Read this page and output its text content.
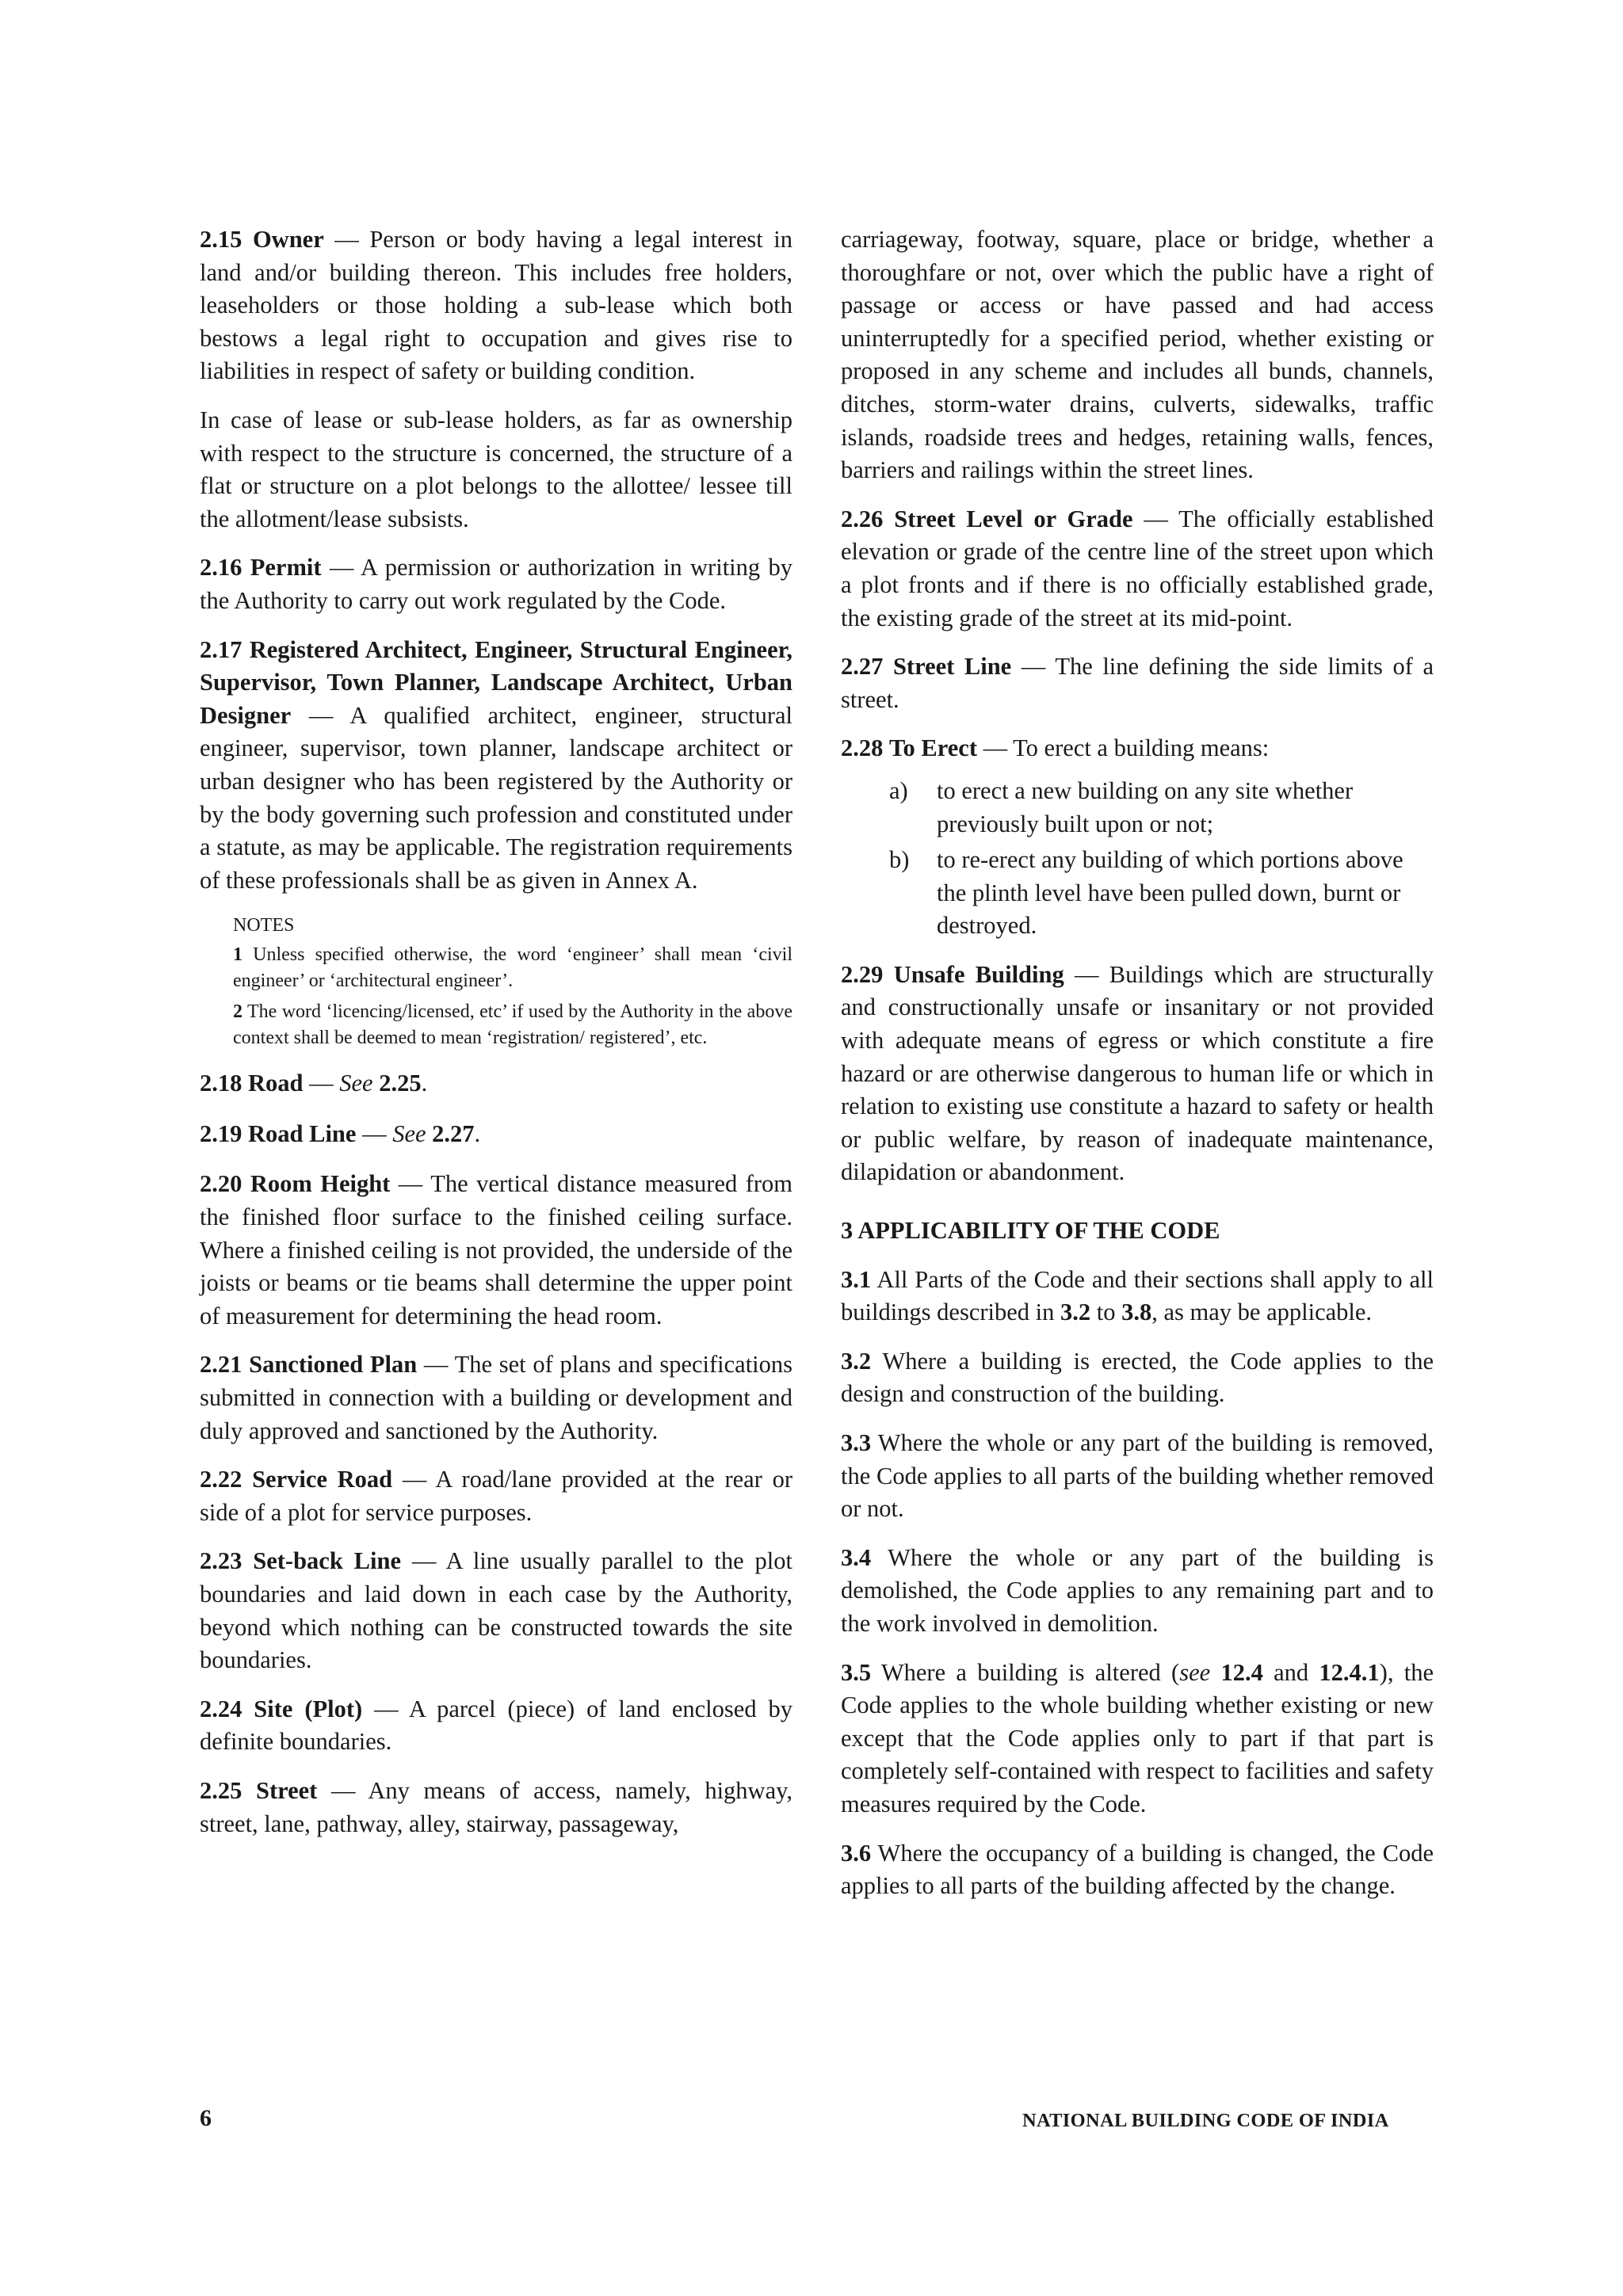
2.15 Owner — Person or body having a legal interest in land and/or building thereon. This includes free holders, leaseholders or those holding a sub-lease which both bestows a legal right to occupation and gives rise to liabilities in respect of safety or building condition.

In case of lease or sub-lease holders, as far as ownership with respect to the structure is concerned, the structure of a flat or structure on a plot belongs to the allottee/ lessee till the allotment/lease subsists.

2.16 Permit — A permission or authorization in writing by the Authority to carry out work regulated by the Code.

2.17 Registered Architect, Engineer, Structural Engineer, Supervisor, Town Planner, Landscape Architect, Urban Designer — A qualified architect, engineer, structural engineer, supervisor, town planner, landscape architect or urban designer who has been registered by the Authority or by the body governing such profession and constituted under a statute, as may be applicable. The registration requirements of these professionals shall be as given in Annex A.

NOTES
1 Unless specified otherwise, the word ‘engineer’ shall mean ‘civil engineer’ or ‘architectural engineer’.
2 The word ‘licencing/licensed, etc’ if used by the Authority in the above context shall be deemed to mean ‘registration/ registered’, etc.

2.18 Road — See 2.25.

2.19 Road Line — See 2.27.

2.20 Room Height — The vertical distance measured from the finished floor surface to the finished ceiling surface. Where a finished ceiling is not provided, the underside of the joists or beams or tie beams shall determine the upper point of measurement for determining the head room.

2.21 Sanctioned Plan — The set of plans and specifications submitted in connection with a building or development and duly approved and sanctioned by the Authority.

2.22 Service Road — A road/lane provided at the rear or side of a plot for service purposes.

2.23 Set-back Line — A line usually parallel to the plot boundaries and laid down in each case by the Authority, beyond which nothing can be constructed towards the site boundaries.

2.24 Site (Plot) — A parcel (piece) of land enclosed by definite boundaries.

2.25 Street — Any means of access, namely, highway, street, lane, pathway, alley, stairway, passageway,

carriageway, footway, square, place or bridge, whether a thoroughfare or not, over which the public have a right of passage or access or have passed and had access uninterruptedly for a specified period, whether existing or proposed in any scheme and includes all bunds, channels, ditches, storm-water drains, culverts, sidewalks, traffic islands, roadside trees and hedges, retaining walls, fences, barriers and railings within the street lines.

2.26 Street Level or Grade — The officially established elevation or grade of the centre line of the street upon which a plot fronts and if there is no officially established grade, the existing grade of the street at its mid-point.

2.27 Street Line — The line defining the side limits of a street.

2.28 To Erect — To erect a building means:

a)	to erect a new building on any site whether previously built upon or not;
b)	to re-erect any building of which portions above the plinth level have been pulled down, burnt or destroyed.

2.29 Unsafe Building — Buildings which are structurally and constructionally unsafe or insanitary or not provided with adequate means of egress or which constitute a fire hazard or are otherwise dangerous to human life or which in relation to existing use constitute a hazard to safety or health or public welfare, by reason of inadequate maintenance, dilapidation or abandonment.

3 APPLICABILITY OF THE CODE

3.1 All Parts of the Code and their sections shall apply to all buildings described in 3.2 to 3.8, as may be applicable.

3.2 Where a building is erected, the Code applies to the design and construction of the building.

3.3 Where the whole or any part of the building is removed, the Code applies to all parts of the building whether removed or not.

3.4 Where the whole or any part of the building is demolished, the Code applies to any remaining part and to the work involved in demolition.

3.5 Where a building is altered (see 12.4 and 12.4.1), the Code applies to the whole building whether existing or new except that the Code applies only to part if that part is completely self-contained with respect to facilities and safety measures required by the Code.

3.6 Where the occupancy of a building is changed, the Code applies to all parts of the building affected by the change.

6	NATIONAL BUILDING CODE OF INDIA
